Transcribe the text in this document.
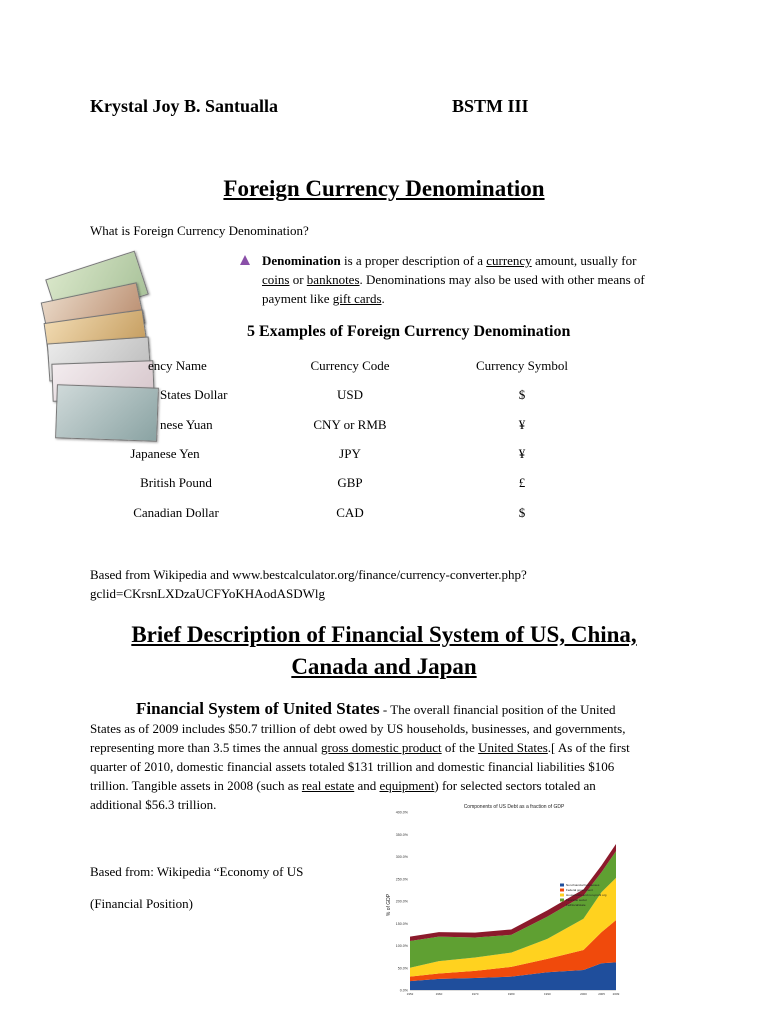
Krystal Joy B. Santualla	BSTM III
Foreign Currency Denomination
What is Foreign Currency Denomination?
Denomination is a proper description of a currency amount, usually for
coins or banknotes. Denominations may also be used with other means of
payment like gift cards.
5 Examples of Foreign Currency Denomination
ency Name	Currency Code	Currency Symbol
States Dollar	USD	$
nese Yuan	CNY or RMB	¥
Japanese Yen	JPY	¥
British Pound	GBP	£
Canadian Dollar	CAD	$
Based from Wikipedia and www.bestcalculator.org/finance/currency-converter.php?
gclid=CKrsnLXDzaUCFYoKHAodASDWlg
Brief Description of Financial System of US, China,
Canada and Japan
Financial System of United States - The overall financial position of the United
States as of 2009 includes $50.7 trillion of debt owed by US households, businesses, and governments,
representing more than 3.5 times the annual gross domestic product of the United States.[ As of the first
quarter of 2010, domestic financial assets totaled $131 trillion and domestic financial liabilities $106
trillion. Tangible assets in 2008 (such as real estate and equipment) for selected sectors totaled an
additional $56.3 trillion.
Based from: Wikipedia “Economy of US
(Financial Position)
Components of US Debt as a fraction of GDP
% of GDP
0.0%
50.0%
100.0%
150.0%
200.0%
250.0%
300.0%
350.0%
400.0%
1952	1960	1970	1980	1990	2000	2005	2009
Non-financial businesses
Federal government
Households and non-profit org
Financial sector
Fed/local/state
